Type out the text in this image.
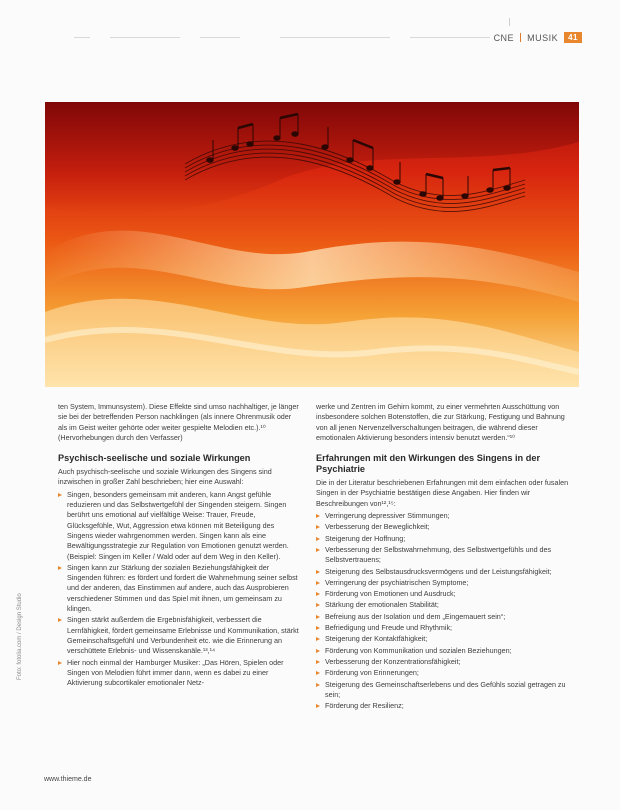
CNE MUSIK	41

ten System, Immunsystem). Diese Effekte sind umso nachhaltiger, je länger sie bei der betreffenden Person nachklingen (als innere Ohrenmusik oder als im Geist weiter gehörte oder weiter gespielte Melodien etc.).¹⁰ (Hervorhebungen durch den Verfasser)

Psychisch-seelische und soziale Wirkungen

Auch psychisch-seelische und soziale Wirkungen des Singens sind inzwischen in großer Zahl beschrieben; hier eine Auswahl:

Singen, besonders gemeinsam mit anderen, kann Angst gefühle reduzieren und das Selbstwertgefühl der Singenden steigern. Singen berührt uns emotional auf vielfältige Weise: Trauer, Freude, Glücksgefühle, Wut, Aggression etwa können mit Beteiligung des Singens wieder wahrgenommen werden. Singen kann als eine Bewältigungsstrategie zur Regulation von Emotionen genutzt werden. (Beispiel: Singen im Keller / Wald oder auf dem Weg in den Keller).
Singen kann zur Stärkung der sozialen Beziehungsfähigkeit der Singenden führen: es fördert und fordert die Wahrnehmung seiner selbst und der anderen, das Einstimmen auf andere, auch das Ausprobieren verschiedener Stimmen und das Spiel mit ihnen, um gemeinsam zu klingen.
Singen stärkt außerdem die Ergebnisfähigkeit, verbessert die Lernfähigkeit, fördert gemeinsame Erlebnisse und Kommunikation, stärkt Gemeinschaftsgefühl und Verbundenheit etc. wie die Erinnerung an verschüttete Erlebnis- und Wissenskanäle.¹³,¹⁴
Hier noch einmal der Hamburger Musiker: „Das Hören, Spielen oder Singen von Melodien führt immer dann, wenn es dabei zu einer Aktivierung subcortikaler emotionaler Netz-

werke und Zentren im Gehirn kommt, zu einer vermehrten Ausschüttung von insbesondere solchen Botenstoffen, die zur Stärkung, Festigung und Bahnung von all jenen Nervenzellverschaltungen beitragen, die während dieser emotionalen Aktivierung besonders intensiv benutzt werden.“¹⁰

Erfahrungen mit den Wirkungen des Singens in der Psychiatrie

Die in der Literatur beschriebenen Erfahrungen mit dem einfachen oder fusalen Singen in der Psychiatrie bestätigen diese Angaben. Hier finden wir Beschreibungen von¹²,¹⁵:

Verringerung depressiver Stimmungen;
Verbesserung der Beweglichkeit;
Steigerung der Hoffnung;
Verbesserung der Selbstwahrnehmung, des Selbstwertgefühls und des Selbstvertrauens;
Steigerung des Selbstausdrucksvermögens und der Leistungsfähigkeit;
Verringerung der psychiatrischen Symptome;
Förderung von Emotionen und Ausdruck;
Stärkung der emotionalen Stabilität;
Befreiung aus der Isolation und dem „Eingemauert sein“;
Befriedigung und Freude und Rhythmik;
Steigerung der Kontaktfähigkeit;
Förderung von Kommunikation und sozialen Beziehungen;
Verbesserung der Konzentrationsfähigkeit;
Förderung von Erinnerungen;
Steigerung des Gemeinschaftserlebens und des Gefühls sozial getragen zu sein;
Förderung der Resilienz;
Foto: fotolia.com / Design Studio
www.thieme.de
